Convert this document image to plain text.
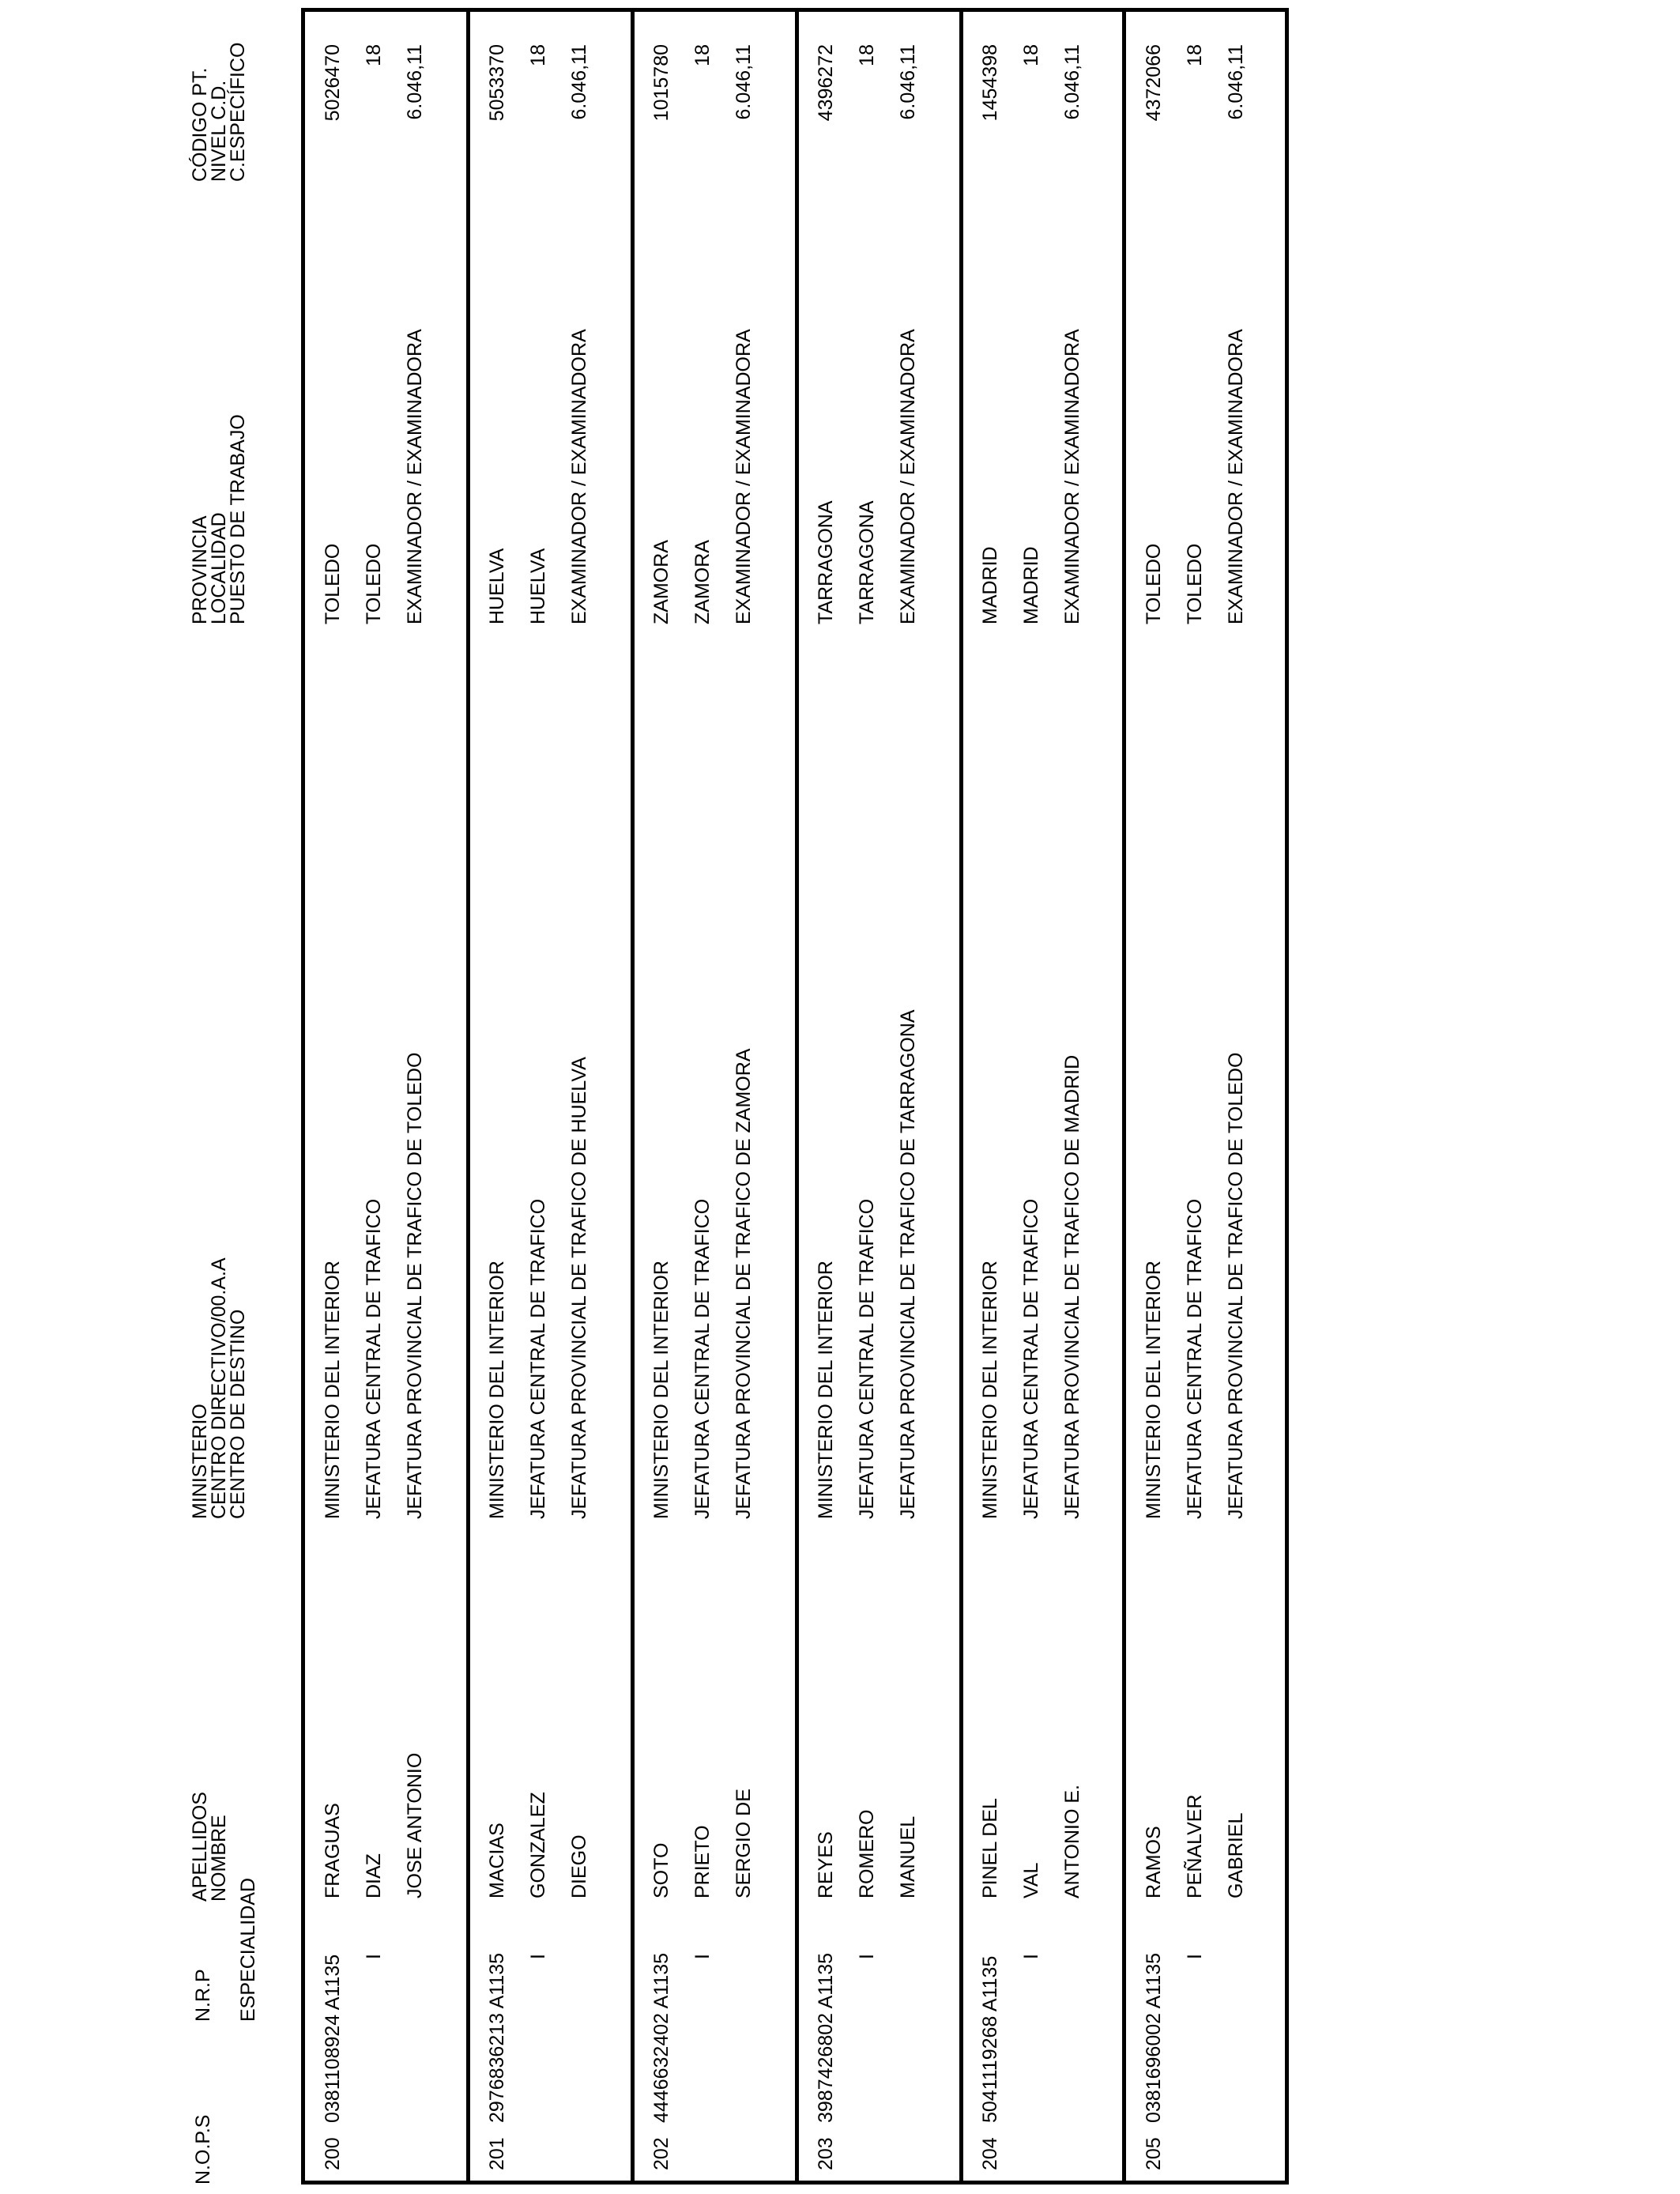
N.O.P.S
N.R.P ESPECIALIDAD
APELLIDOS
NOMBRE
MINISTERIO
CENTRO DIRECTIVO/00.A.A
CENTRO DE DESTINO
PROVINCIA
LOCALIDAD
PUESTO DE TRABAJO
CÓDIGO PT.
NIVEL C.D.
C.ESPECÍFICO
200
0381108924 A1135 I
FRAGUAS DIAZ JOSE ANTONIO
MINISTERIO DEL INTERIOR JEFATURA CENTRAL DE TRAFICO JEFATURA PROVINCIAL DE TRAFICO DE TOLEDO
TOLEDO TOLEDO EXAMINADOR / EXAMINADORA
5026470 18 6.046,11
201
2976836213 A1135 I
MACIAS GONZALEZ DIEGO
MINISTERIO DEL INTERIOR JEFATURA CENTRAL DE TRAFICO JEFATURA PROVINCIAL DE TRAFICO DE HUELVA
HUELVA HUELVA EXAMINADOR / EXAMINADORA
5053370 18 6.046,11
202
4446632402 A1135 I
SOTO PRIETO SERGIO DE
MINISTERIO DEL INTERIOR JEFATURA CENTRAL DE TRAFICO JEFATURA PROVINCIAL DE TRAFICO DE ZAMORA
ZAMORA ZAMORA EXAMINADOR / EXAMINADORA
1015780 18 6.046,11
203
3987426802 A1135 I
REYES ROMERO MANUEL
MINISTERIO DEL INTERIOR JEFATURA CENTRAL DE TRAFICO JEFATURA PROVINCIAL DE TRAFICO DE TARRAGONA
TARRAGONA TARRAGONA EXAMINADOR / EXAMINADORA
4396272 18 6.046,11
204
5041119268 A1135 I
PINEL DEL VAL ANTONIO E.
MINISTERIO DEL INTERIOR JEFATURA CENTRAL DE TRAFICO JEFATURA PROVINCIAL DE TRAFICO DE MADRID
MADRID MADRID EXAMINADOR / EXAMINADORA
1454398 18 6.046,11
205
0381696002 A1135 I
RAMOS PEÑALVER GABRIEL
MINISTERIO DEL INTERIOR JEFATURA CENTRAL DE TRAFICO JEFATURA PROVINCIAL DE TRAFICO DE TOLEDO
TOLEDO TOLEDO EXAMINADOR / EXAMINADORA
4372066 18 6.046,11
